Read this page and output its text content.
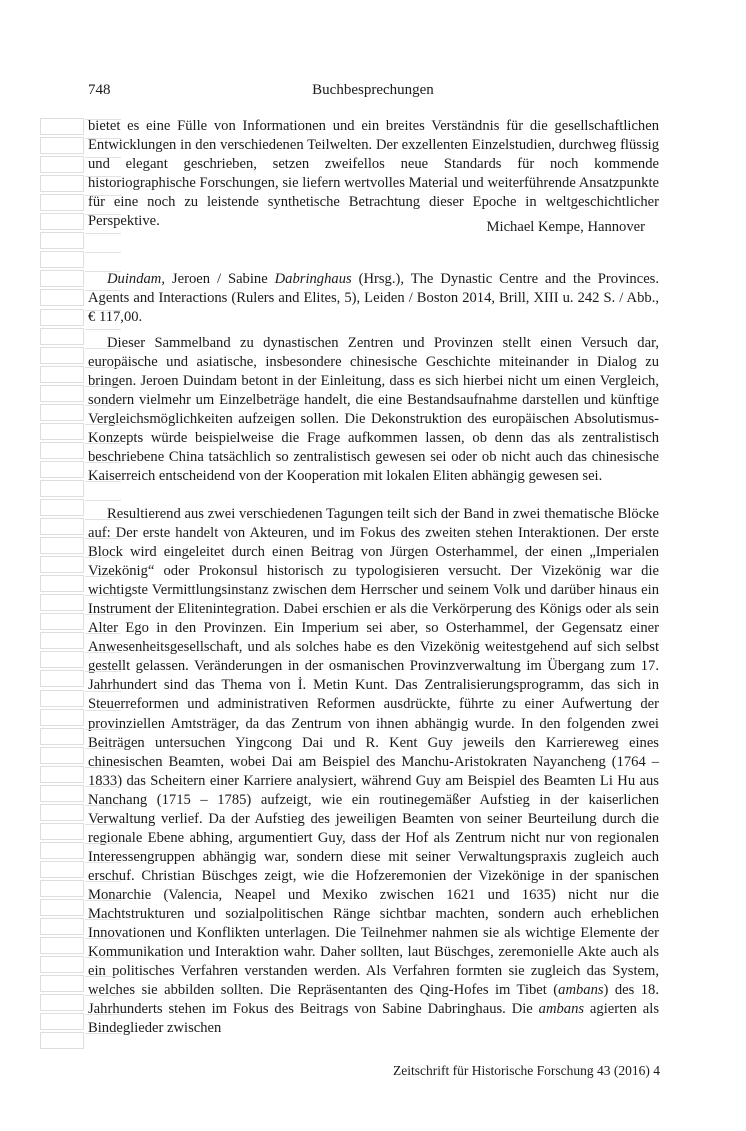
748	Buchbesprechungen

bietet es eine Fülle von Informationen und ein breites Verständnis für die gesellschaftlichen Entwicklungen in den verschiedenen Teilwelten. Der exzellenten Einzelstudien, durchweg flüssig und elegant geschrieben, setzen zweifellos neue Standards für noch kommende historiographische Forschungen, sie liefern wertvolles Material und weiterführende Ansatzpunkte für eine noch zu leistende synthetische Betrachtung dieser Epoche in weltgeschichtlicher Perspektive.	Michael Kempe, Hannover

Duindam, Jeroen / Sabine Dabringhaus (Hrsg.), The Dynastic Centre and the Provinces. Agents and Interactions (Rulers and Elites, 5), Leiden / Boston 2014, Brill, XIII u. 242 S. / Abb., € 117,00.

Dieser Sammelband zu dynastischen Zentren und Provinzen stellt einen Versuch dar, europäische und asiatische, insbesondere chinesische Geschichte miteinander in Dialog zu bringen. Jeroen Duindam betont in der Einleitung, dass es sich hierbei nicht um einen Vergleich, sondern vielmehr um Einzelbeträge handelt, die eine Bestandsaufnahme darstellen und künftige Vergleichsmöglichkeiten aufzeigen sollen. Die Dekonstruktion des europäischen Absolutismus-Konzepts würde beispielweise die Frage aufkommen lassen, ob denn das als zentralistisch beschriebene China tatsächlich so zentralistisch gewesen sei oder ob nicht auch das chinesische Kaiserreich entscheidend von der Kooperation mit lokalen Eliten abhängig gewesen sei.

Resultierend aus zwei verschiedenen Tagungen teilt sich der Band in zwei thematische Blöcke auf: Der erste handelt von Akteuren, und im Fokus des zweiten stehen Interaktionen. Der erste Block wird eingeleitet durch einen Beitrag von Jürgen Osterhammel, der einen „Imperialen Vizekönig“ oder Prokonsul historisch zu typologisieren versucht. Der Vizekönig war die wichtigste Vermittlungsinstanz zwischen dem Herrscher und seinem Volk und darüber hinaus ein Instrument der Elitenintegration. Dabei erschien er als die Verkörperung des Königs oder als sein Alter Ego in den Provinzen. Ein Imperium sei aber, so Osterhammel, der Gegensatz einer Anwesenheitsgesellschaft, und als solches habe es den Vizekönig weitestgehend auf sich selbst gestellt gelassen. Veränderungen in der osmanischen Provinzverwaltung im Übergang zum 17. Jahrhundert sind das Thema von İ. Metin Kunt. Das Zentralisierungsprogramm, das sich in Steuerreformen und administrativen Reformen ausdrückte, führte zu einer Aufwertung der provinziellen Amtsträger, da das Zentrum von ihnen abhängig wurde. In den folgenden zwei Beiträgen untersuchen Yingcong Dai und R. Kent Guy jeweils den Karriereweg eines chinesischen Beamten, wobei Dai am Beispiel des Manchu-Aristokraten Nayancheng (1764 – 1833) das Scheitern einer Karriere analysiert, während Guy am Beispiel des Beamten Li Hu aus Nanchang (1715 – 1785) aufzeigt, wie ein routinegemäßer Aufstieg in der kaiserlichen Verwaltung verlief. Da der Aufstieg des jeweiligen Beamten von seiner Beurteilung durch die regionale Ebene abhing, argumentiert Guy, dass der Hof als Zentrum nicht nur von regionalen Interessengruppen abhängig war, sondern diese mit seiner Verwaltungspraxis zugleich auch erschuf. Christian Büschges zeigt, wie die Hofzeremonien der Vizekönige in der spanischen Monarchie (Valencia, Neapel und Mexiko zwischen 1621 und 1635) nicht nur die Machtstrukturen und sozialpolitischen Ränge sichtbar machten, sondern auch erheblichen Innovationen und Konflikten unterlagen. Die Teilnehmer nahmen sie als wichtige Elemente der Kommunikation und Interaktion wahr. Daher sollten, laut Büschges, zeremonielle Akte auch als ein politisches Verfahren verstanden werden. Als Verfahren formten sie zugleich das System, welches sie abbilden sollten. Die Repräsentanten des Qing-Hofes im Tibet (ambans) des 18. Jahrhunderts stehen im Fokus des Beitrags von Sabine Dabringhaus. Die ambans agierten als Bindeglieder zwischen

Zeitschrift für Historische Forschung 43 (2016) 4
